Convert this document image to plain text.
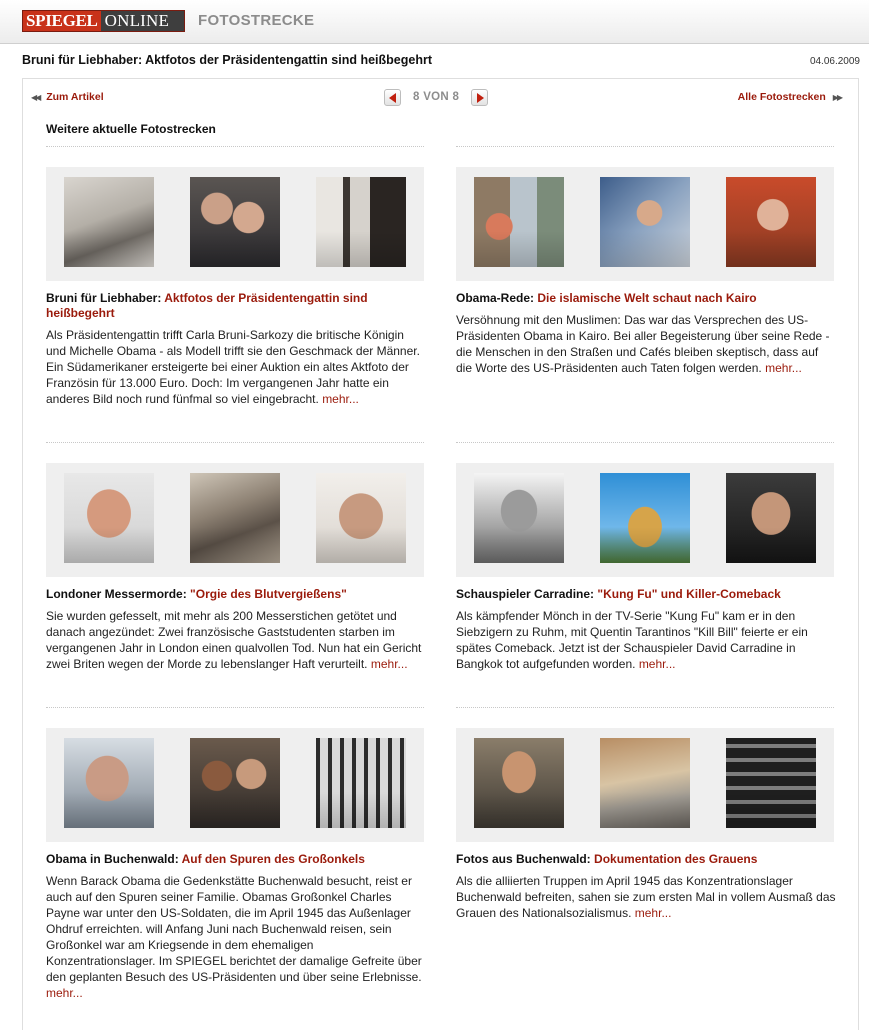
SPIEGEL ONLINE	FOTOSTRECKE
Bruni für Liebhaber: Aktfotos der Präsidentengattin sind heißbegehrt	04.06.2009
◀◀ Zum Artikel	8 VON 8	Alle Fotostrecken ▶▶
Weitere aktuelle Fotostrecken
Bruni für Liebhaber: Aktfotos der Präsidentengattin sind heißbegehrt
Als Präsidentengattin trifft Carla Bruni-Sarkozy die britische Königin und Michelle Obama - als Modell trifft sie den Geschmack der Männer. Ein Südamerikaner ersteigerte bei einer Auktion ein altes Aktfoto der Französin für 13.000 Euro. Doch: Im vergangenen Jahr hatte ein anderes Bild noch rund fünfmal so viel eingebracht. mehr...
Obama-Rede: Die islamische Welt schaut nach Kairo
Versöhnung mit den Muslimen: Das war das Versprechen des US-Präsidenten Obama in Kairo. Bei aller Begeisterung über seine Rede - die Menschen in den Straßen und Cafés bleiben skeptisch, dass auf die Worte des US-Präsidenten auch Taten folgen werden. mehr...
Londoner Messermorde: "Orgie des Blutvergießens"
Sie wurden gefesselt, mit mehr als 200 Messerstichen getötet und danach angezündet: Zwei französische Gaststudenten starben im vergangenen Jahr in London einen qualvollen Tod. Nun hat ein Gericht zwei Briten wegen der Morde zu lebenslanger Haft verurteilt. mehr...
Schauspieler Carradine: "Kung Fu" und Killer-Comeback
Als kämpfender Mönch in der TV-Serie "Kung Fu" kam er in den Siebzigern zu Ruhm, mit Quentin Tarantinos "Kill Bill" feierte er ein spätes Comeback. Jetzt ist der Schauspieler David Carradine in Bangkok tot aufgefunden worden. mehr...
Obama in Buchenwald: Auf den Spuren des Großonkels
Wenn Barack Obama die Gedenkstätte Buchenwald besucht, reist er auch auf den Spuren seiner Familie. Obamas Großonkel Charles Payne war unter den US-Soldaten, die im April 1945 das Außenlager Ohdruf erreichten. will Anfang Juni nach Buchenwald reisen, sein Großonkel war am Kriegsende in dem ehemaligen Konzentrationslager. Im SPIEGEL berichtet der damalige Gefreite über den geplanten Besuch des US-Präsidenten und über seine Erlebnisse. mehr...
Fotos aus Buchenwald: Dokumentation des Grauens
Als die alliierten Truppen im April 1945 das Konzentrationslager Buchenwald befreiten, sahen sie zum ersten Mal in vollem Ausmaß das Grauen des Nationalsozialismus. mehr...
